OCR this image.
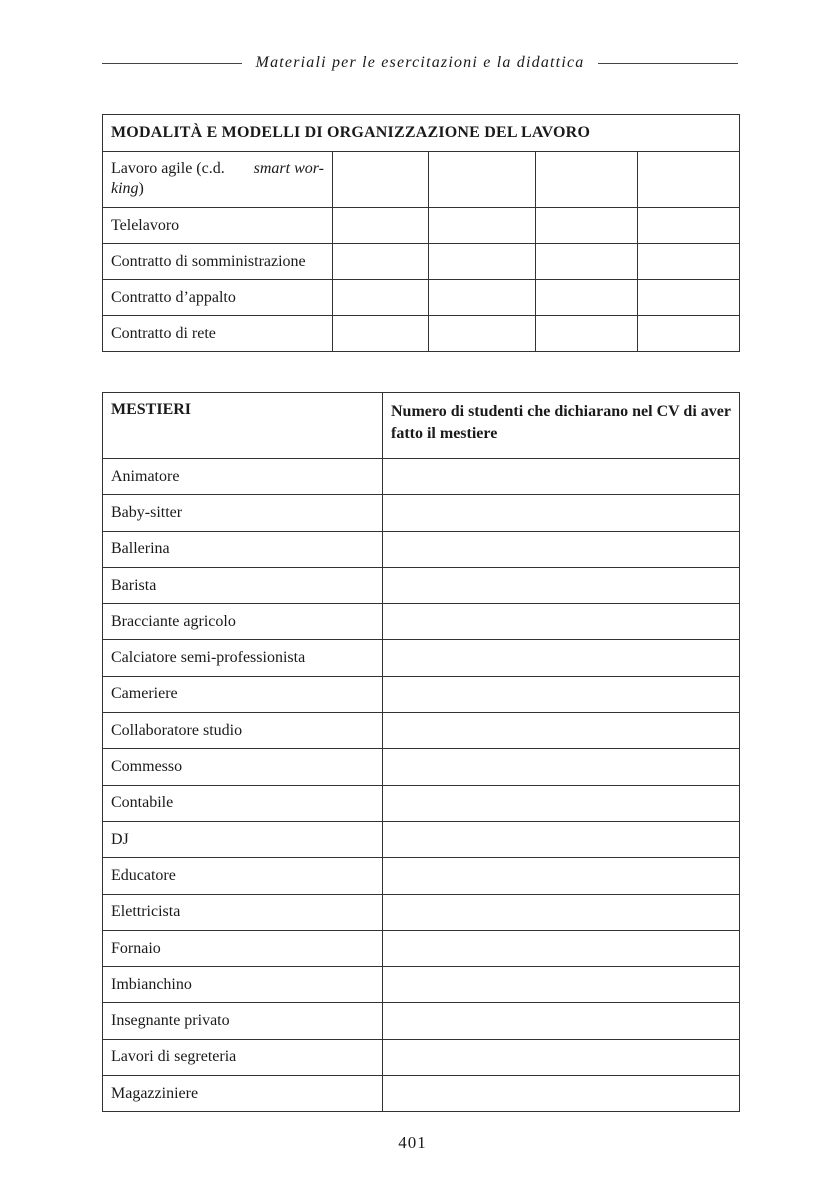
Materiali per le esercitazioni e la didattica
MODALITÀ E MODELLI DI ORGANIZZAZIONE DEL LAVORO				

Lavoro agile (c.d. smart wor-
king)				

Telelavoro				
Contratto di somministrazione				
Contratto d’appalto				
Contratto di rete				
MESTIERI	Numero di studenti che dichiarano nel CV di aver fatto il mestiere
Animatore	
Baby-sitter	
Ballerina	
Barista	
Bracciante agricolo	
Calciatore semi-professionista	
Cameriere	
Collaboratore studio	
Commesso	
Contabile	
DJ	
Educatore	
Elettricista	
Fornaio	
Imbianchino	
Insegnante privato	
Lavori di segreteria	
Magazziniere	
401
